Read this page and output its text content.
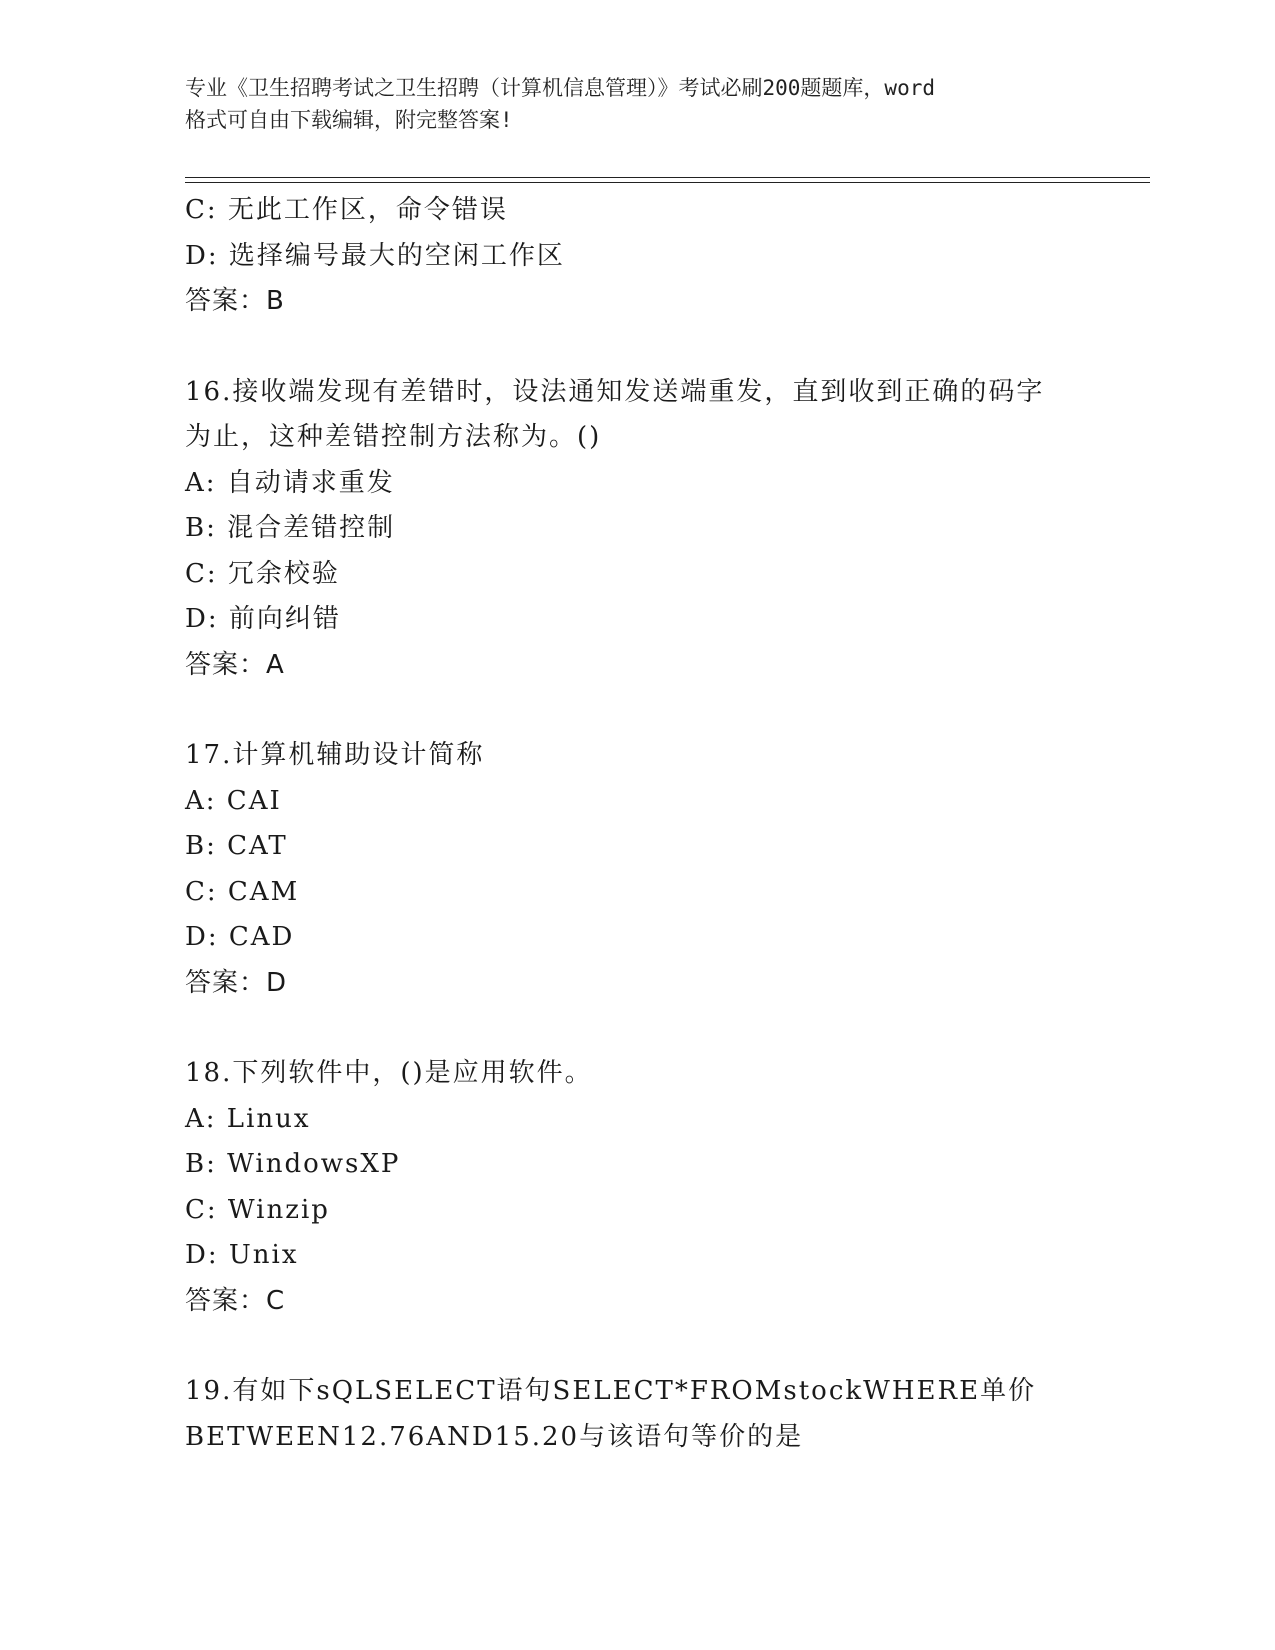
专业《卫生招聘考试之卫生招聘（计算机信息管理）》考试必刷200题题库，word
格式可自由下载编辑，附完整答案!
C: 无此工作区，命令错误
D: 选择编号最大的空闲工作区
答案：B
16.接收端发现有差错时，设法通知发送端重发，直到收到正确的码字
为止，这种差错控制方法称为。()
A: 自动请求重发
B: 混合差错控制
C: 冗余校验
D: 前向纠错
答案：A
17.计算机辅助设计简称
A: CAI
B: CAT
C: CAM
D: CAD
答案：D
18.下列软件中，()是应用软件。
A: Linux
B: WindowsXP
C: Winzip
D: Unix
答案：C
19.有如下sQLSELECT语句SELECT*FROMstockWHERE单价
BETWEEN12.76AND15.20与该语句等价的是
